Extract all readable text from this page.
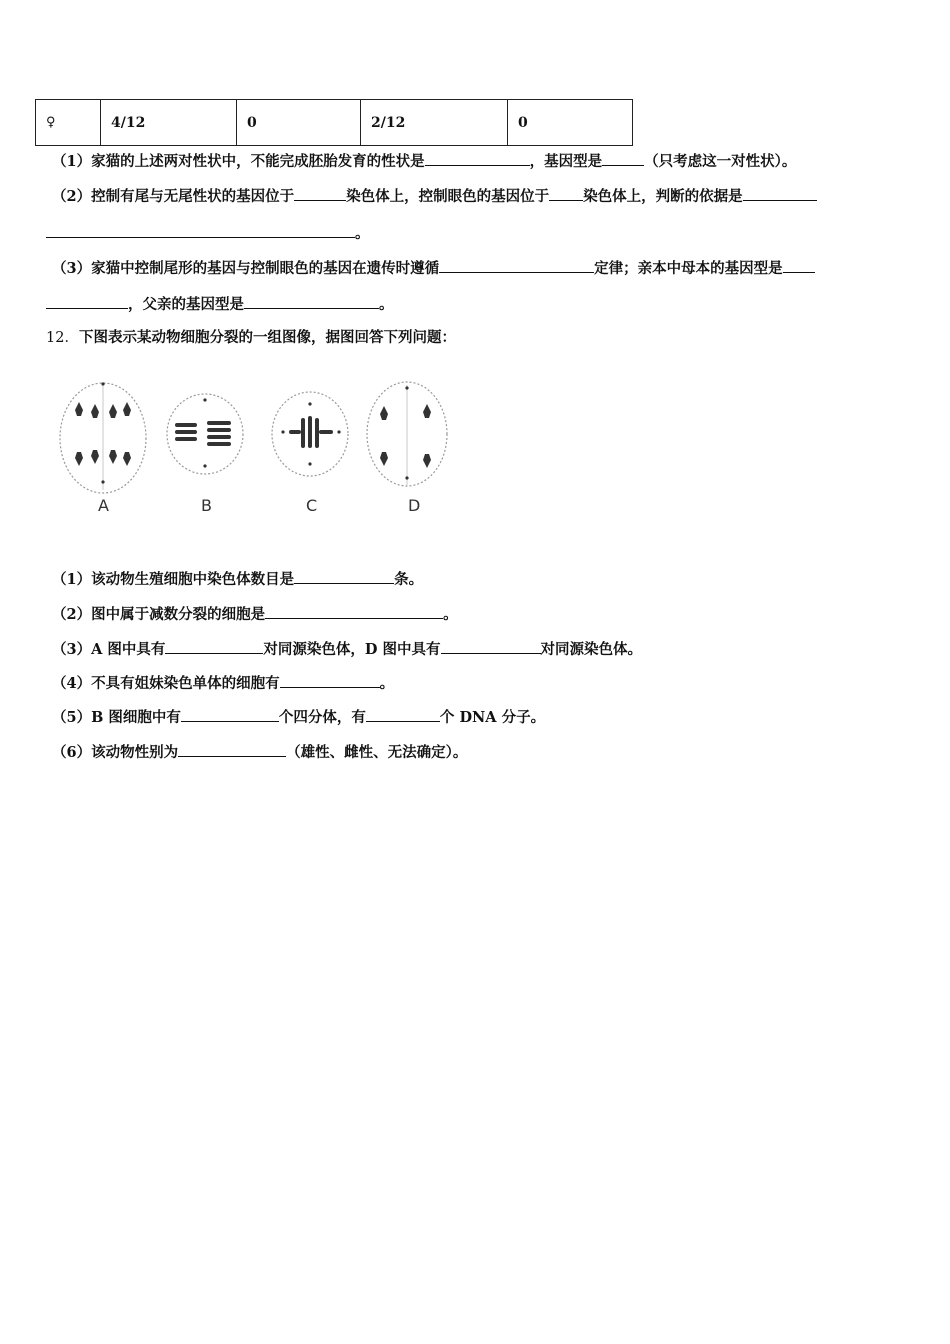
♀	4/12	0	2/12	0
（1）家猫的上述两对性状中，不能完成胚胎发育的性状是	，基因型是	（只考虑这一对性状）。
（2）控制有尾与无尾性状的基因位于	染色体上，控制眼色的基因位于 染色体上，判断的依据是
。
（3）家猫中控制尾形的基因与控制眼色的基因在遗传时遵循	定律；亲本中母本的基因型是
，父亲的基因型是	。
12．下图表示某动物细胞分裂的一组图像，据图回答下列问题：
A	B	C	D
（1）该动物生殖细胞中染色体数目是	条。
（2）图中属于减数分裂的细胞是	。
（3）A 图中具有	对同源染色体，D 图中具有	对同源染色体。
（4）不具有姐妹染色单体的细胞有	。
（5）B 图细胞中有	个四分体，有	个 DNA 分子。
（6）该动物性别为	（雄性、雌性、无法确定）。
